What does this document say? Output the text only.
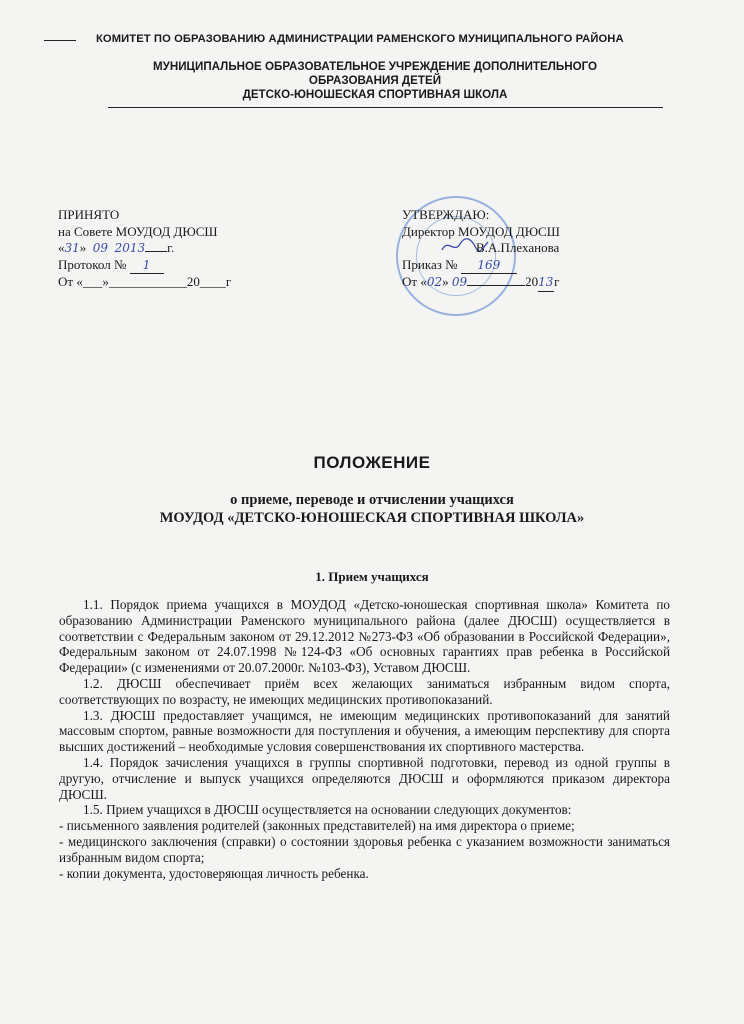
КОМИТЕТ ПО ОБРАЗОВАНИЮ АДМИНИСТРАЦИИ РАМЕНСКОГО МУНИЦИПАЛЬНОГО РАЙОНА
МУНИЦИПАЛЬНОЕ ОБРАЗОВАТЕЛЬНОЕ УЧРЕЖДЕНИЕ ДОПОЛНИТЕЛЬНОГО
ОБРАЗОВАНИЯ ДЕТЕЙ
ДЕТСКО-ЮНОШЕСКАЯ СПОРТИВНАЯ ШКОЛА
ПРИНЯТО
на Совете МОУДОД ДЮСШ
«31» 09 2013 г.
Протокол № 1
От «___»____________20____г
УТВЕРЖДАЮ:
Директор МОУДОД ДЮСШ
В.А.Плеханова
Приказ № 169
От «02» 09	2013г
ПОЛОЖЕНИЕ
о приеме, переводе и отчислении учащихся
МОУДОД «ДЕТСКО-ЮНОШЕСКАЯ СПОРТИВНАЯ ШКОЛА»
1. Прием учащихся

1.1. Порядок приема учащихся в МОУДОД «Детско-юношеская спортивная школа» Комитета по образованию Администрации Раменского муниципального района (далее ДЮСШ) осуществляется в соответствии с Федеральным законом от 29.12.2012 №273-ФЗ «Об образовании в Российской Федерации», Федеральным законом от 24.07.1998 №124-ФЗ «Об основных гарантиях прав ребенка в Российской Федерации» (с изменениями от 20.07.2000г. №103-ФЗ), Уставом ДЮСШ.

1.2. ДЮСШ обеспечивает приём всех желающих заниматься избранным видом спорта, соответствующих по возрасту, не имеющих медицинских противопоказаний.

1.3. ДЮСШ предоставляет учащимся, не имеющим медицинских противопоказаний для занятий массовым спортом, равные возможности для поступления и обучения, а имеющим перспективу для спорта высших достижений – необходимые условия совершенствования их спортивного мастерства.

1.4. Порядок зачисления учащихся в группы спортивной подготовки, перевод из одной группы в другую, отчисление и выпуск учащихся определяются ДЮСШ и оформляются приказом директора ДЮСШ.

1.5. Прием учащихся в ДЮСШ осуществляется на основании следующих документов:

- письменного заявления родителей (законных представителей) на имя директора о приеме;

- медицинского заключения (справки) о состоянии здоровья ребенка с указанием возможности заниматься избранным видом спорта;

- копии документа, удостоверяющая личность ребенка.
